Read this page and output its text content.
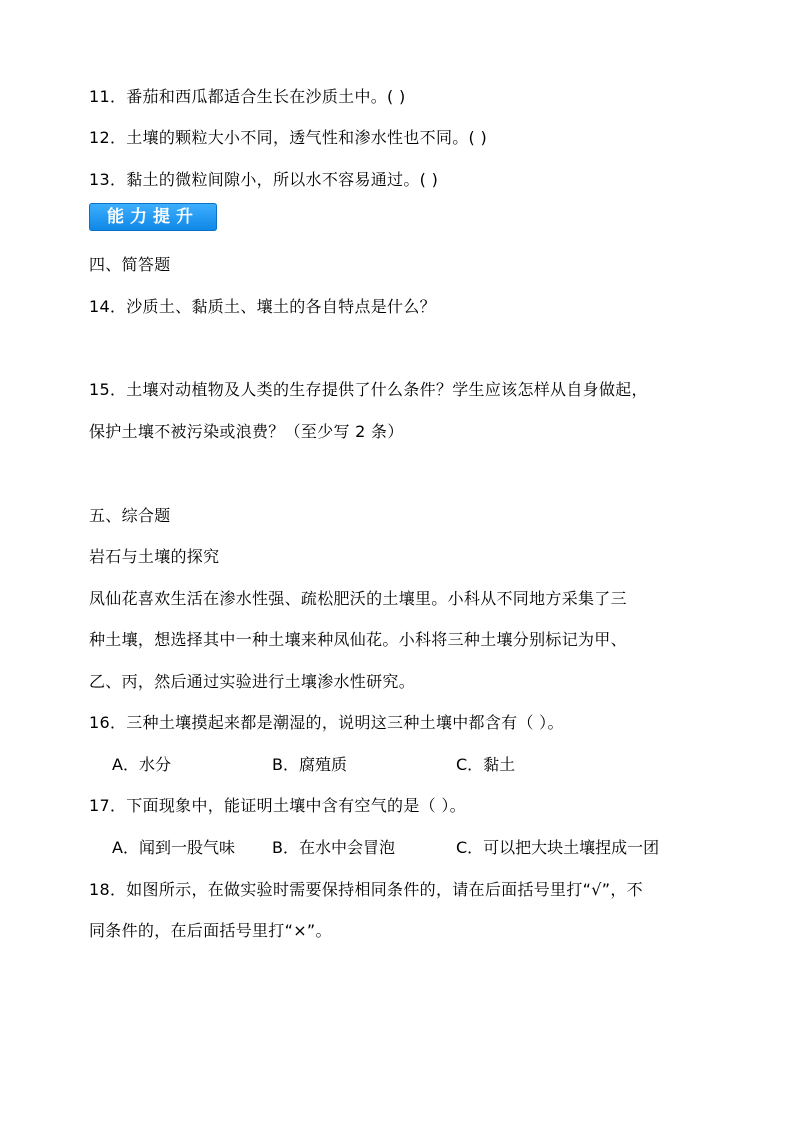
11．番茄和西瓜都适合生长在沙质土中。( )
12．土壤的颗粒大小不同，透气性和渗水性也不同。( )
13．黏土的微粒间隙小，所以水不容易通过。( )
能力提升
四、简答题
14．沙质土、黏质土、壤土的各自特点是什么？
15．土壤对动植物及人类的生存提供了什么条件？学生应该怎样从自身做起，
保护土壤不被污染或浪费？（至少写 2 条）
五、综合题
岩石与土壤的探究
凤仙花喜欢生活在渗水性强、疏松肥沃的土壤里。小科从不同地方采集了三
种土壤，想选择其中一种土壤来种凤仙花。小科将三种土壤分别标记为甲、
乙、丙，然后通过实验进行土壤渗水性研究。
16．三种土壤摸起来都是潮湿的，说明这三种土壤中都含有（ ）。
A．水分	B．腐殖质	C．黏土
17．下面现象中，能证明土壤中含有空气的是（ ）。
A．闻到一股气味 B．在水中会冒泡	C．可以把大块土壤捏成一团
18．如图所示，在做实验时需要保持相同条件的，请在后面括号里打“√”，不
同条件的，在后面括号里打“×”。
